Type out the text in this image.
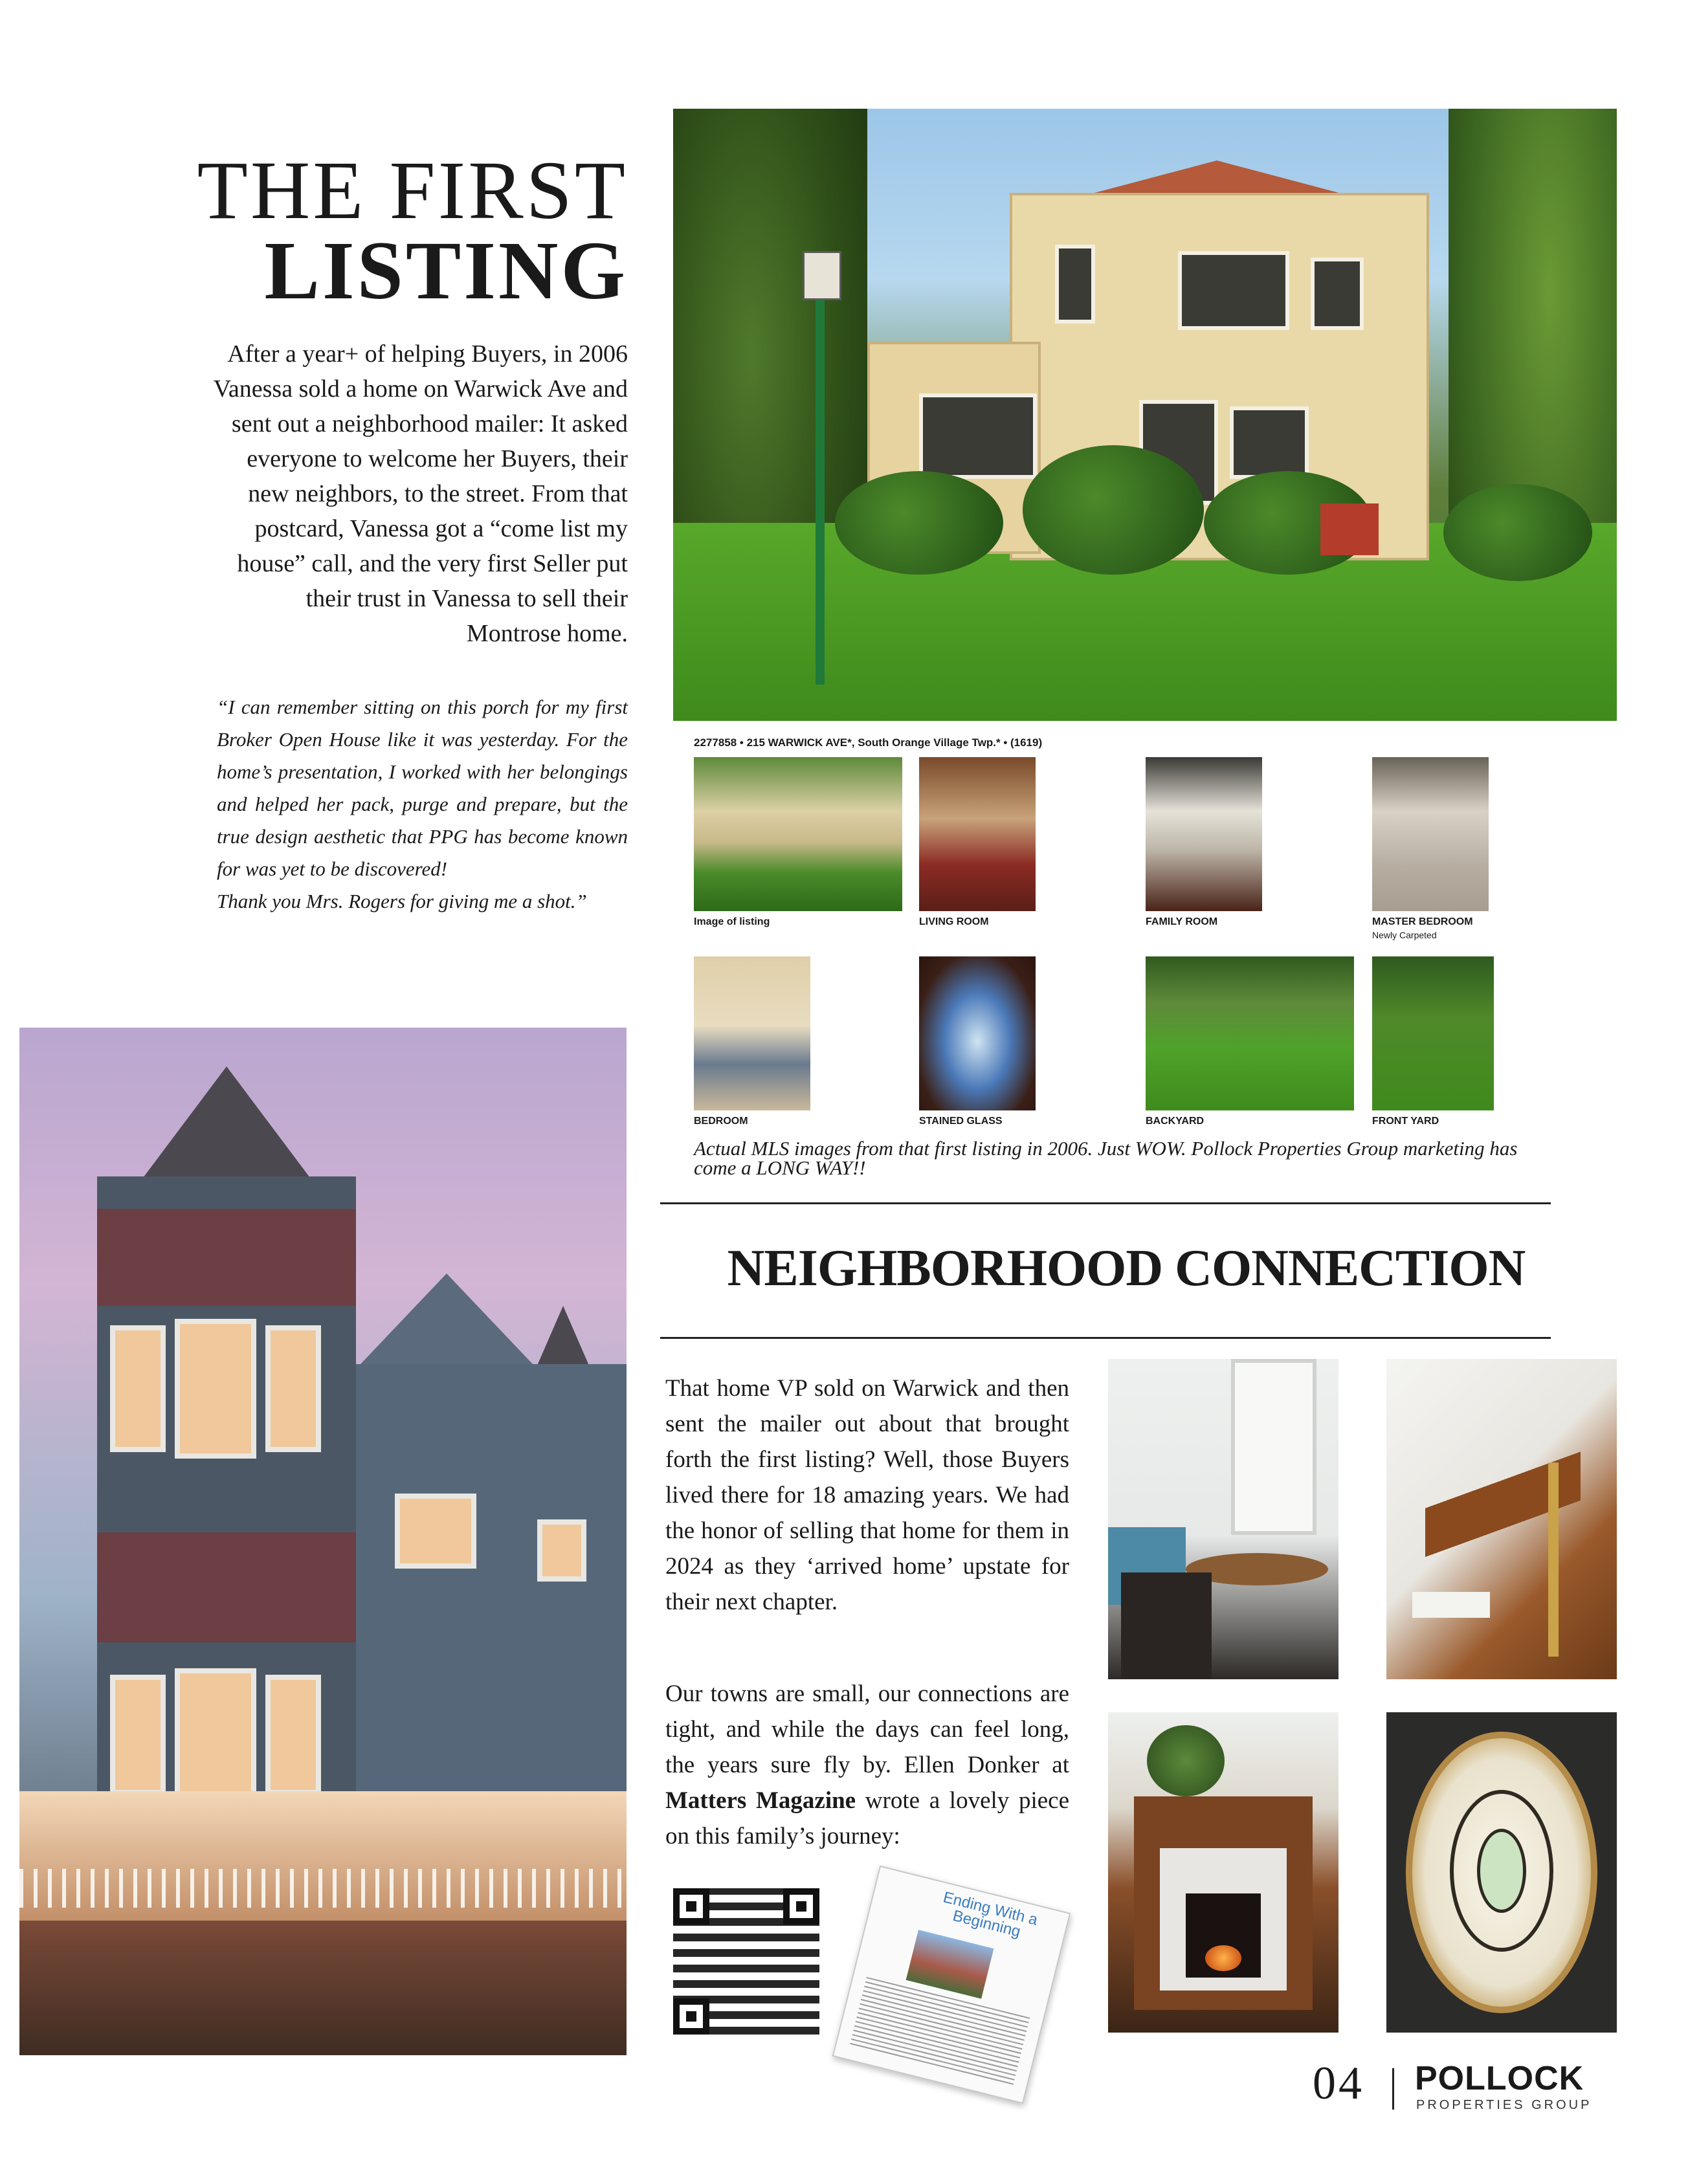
THE FIRST
LISTING
After a year+ of helping Buyers, in 2006 Vanessa sold a home on Warwick Ave and sent out a neighborhood mailer: It asked everyone to welcome her Buyers, their new neighbors, to the street. From that postcard, Vanessa got a “come list my house” call, and the very first Seller put their trust in Vanessa to sell their Montrose home.

“I can remember sitting on this porch for my first Broker Open House like it was yesterday. For the home’s presentation, I worked with her belongings and helped her pack, purge and prepare, but the true design aesthetic that PPG has become known for was yet to be discovered!

Thank you Mrs. Rogers for giving me a shot.”

2277858 • 215 WARWICK AVE*, South Orange Village Twp.* • (1619)
Image of listing	LIVING ROOM	FAMILY ROOM	MASTER BEDROOM
Newly Carpeted
BEDROOM	STAINED GLASS	BACKYARD	FRONT YARD
Actual MLS images from that first listing in 2006. Just WOW. Pollock Properties Group marketing has come a LONG WAY!!
NEIGHBORHOOD CONNECTION
That home VP sold on Warwick and then sent the mailer out about that brought forth the first listing? Well, those Buyers lived there for 18 amazing years. We had the honor of selling that home for them in 2024 as they ‘arrived home’ upstate for their next chapter.
Our towns are small, our connections are tight, and while the days can feel long, the years sure fly by. Ellen Donker at Matters Magazine wrote a lovely piece on this family’s journey:
Ending With a Beginning
04 POLLOCK
PROPERTIES GROUP
